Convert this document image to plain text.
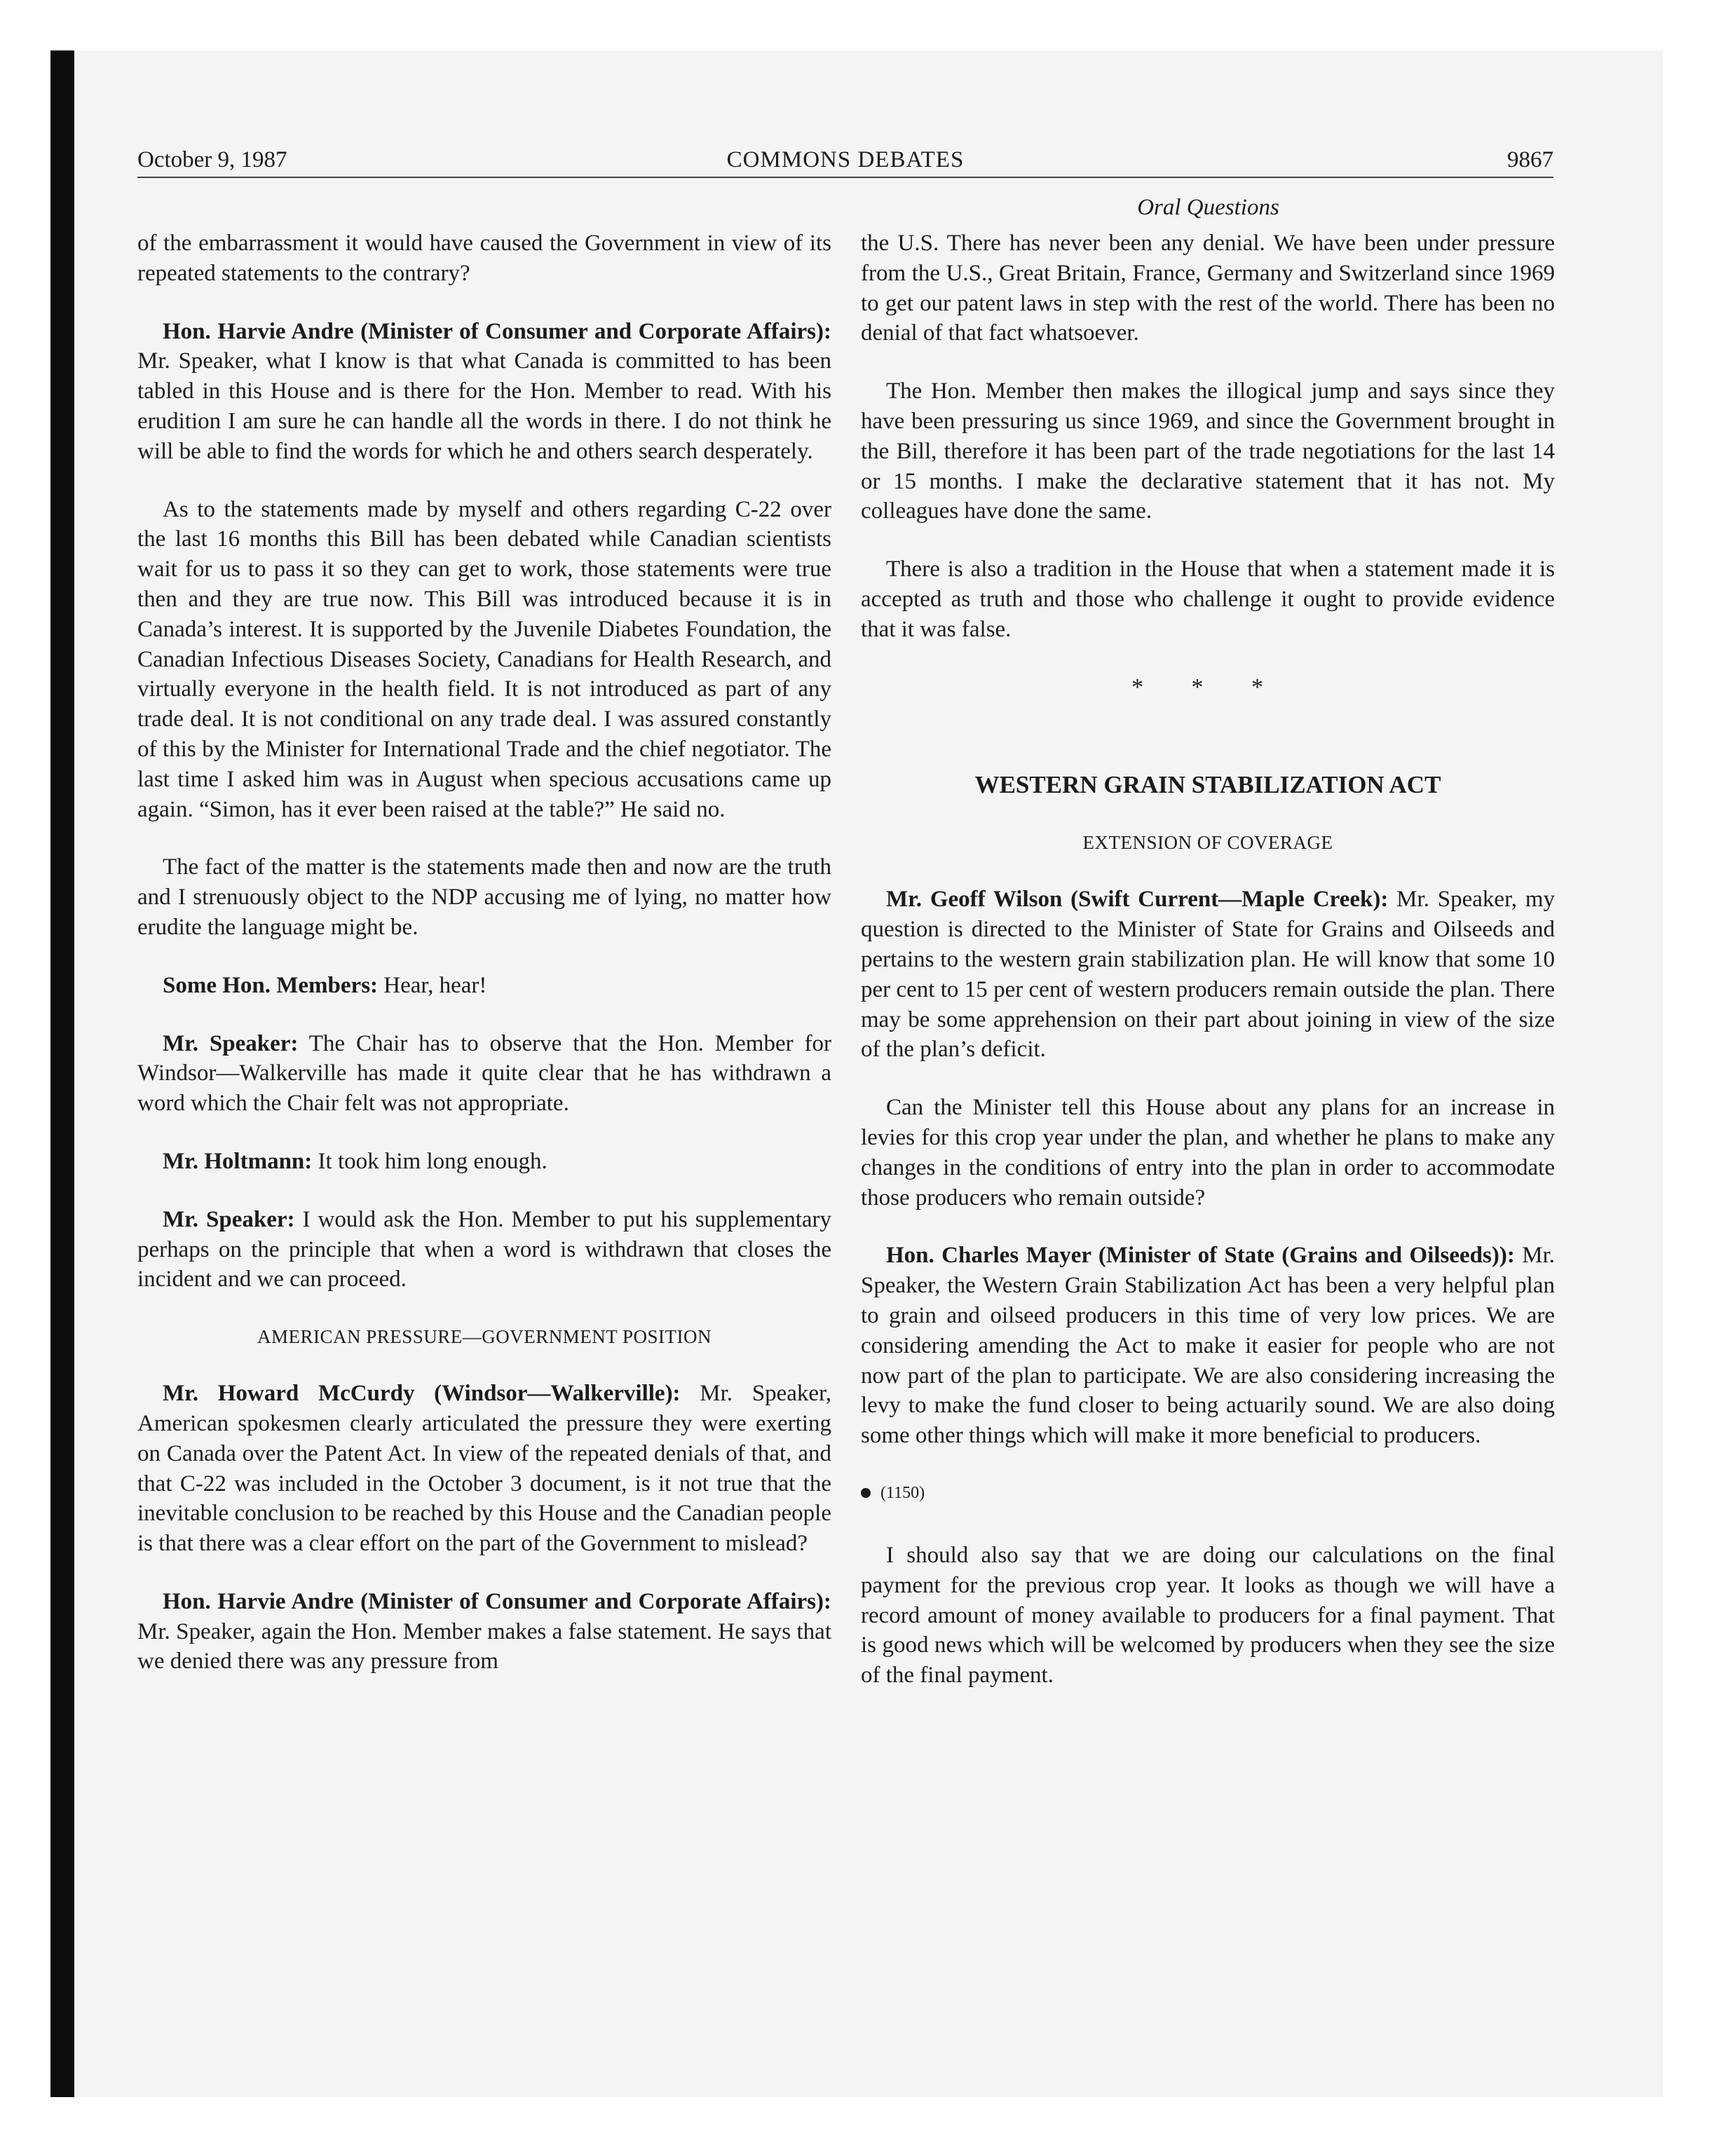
October 9, 1987	COMMONS DEBATES	9867
Oral Questions

of the embarrassment it would have caused the Government in view of its repeated statements to the contrary?

Hon. Harvie Andre (Minister of Consumer and Corporate Affairs): Mr. Speaker, what I know is that what Canada is committed to has been tabled in this House and is there for the Hon. Member to read. With his erudition I am sure he can handle all the words in there. I do not think he will be able to find the words for which he and others search desperately.

As to the statements made by myself and others regarding C-22 over the last 16 months this Bill has been debated while Canadian scientists wait for us to pass it so they can get to work, those statements were true then and they are true now. This Bill was introduced because it is in Canada’s interest. It is supported by the Juvenile Diabetes Foundation, the Canadian Infectious Diseases Society, Canadians for Health Research, and virtually everyone in the health field. It is not introduced as part of any trade deal. It is not conditional on any trade deal. I was assured constantly of this by the Minister for International Trade and the chief negotiator. The last time I asked him was in August when specious accusations came up again. “Simon, has it ever been raised at the table?” He said no.

The fact of the matter is the statements made then and now are the truth and I strenuously object to the NDP accusing me of lying, no matter how erudite the language might be.

Some Hon. Members: Hear, hear!

Mr. Speaker: The Chair has to observe that the Hon. Member for Windsor—Walkerville has made it quite clear that he has withdrawn a word which the Chair felt was not appropriate.

Mr. Holtmann: It took him long enough.

Mr. Speaker: I would ask the Hon. Member to put his supplementary perhaps on the principle that when a word is withdrawn that closes the incident and we can proceed.

AMERICAN PRESSURE—GOVERNMENT POSITION

Mr. Howard McCurdy (Windsor—Walkerville): Mr. Speaker, American spokesmen clearly articulated the pressure they were exerting on Canada over the Patent Act. In view of the repeated denials of that, and that C-22 was included in the October 3 document, is it not true that the inevitable conclusion to be reached by this House and the Canadian people is that there was a clear effort on the part of the Government to mislead?

Hon. Harvie Andre (Minister of Consumer and Corporate Affairs): Mr. Speaker, again the Hon. Member makes a false statement. He says that we denied there was any pressure from

the U.S. There has never been any denial. We have been under pressure from the U.S., Great Britain, France, Germany and Switzerland since 1969 to get our patent laws in step with the rest of the world. There has been no denial of that fact whatsoever.

The Hon. Member then makes the illogical jump and says since they have been pressuring us since 1969, and since the Government brought in the Bill, therefore it has been part of the trade negotiations for the last 14 or 15 months. I make the declarative statement that it has not. My colleagues have done the same.

There is also a tradition in the House that when a statement made it is accepted as truth and those who challenge it ought to provide evidence that it was false.

* * *
WESTERN GRAIN STABILIZATION ACT
EXTENSION OF COVERAGE

Mr. Geoff Wilson (Swift Current—Maple Creek): Mr. Speaker, my question is directed to the Minister of State for Grains and Oilseeds and pertains to the western grain stabilization plan. He will know that some 10 per cent to 15 per cent of western producers remain outside the plan. There may be some apprehension on their part about joining in view of the size of the plan’s deficit.

Can the Minister tell this House about any plans for an increase in levies for this crop year under the plan, and whether he plans to make any changes in the conditions of entry into the plan in order to accommodate those producers who remain outside?

Hon. Charles Mayer (Minister of State (Grains and Oilseeds)): Mr. Speaker, the Western Grain Stabilization Act has been a very helpful plan to grain and oilseed producers in this time of very low prices. We are considering amending the Act to make it easier for people who are not now part of the plan to participate. We are also considering increasing the levy to make the fund closer to being actuarily sound. We are also doing some other things which will make it more beneficial to producers.

(1150)

I should also say that we are doing our calculations on the final payment for the previous crop year. It looks as though we will have a record amount of money available to producers for a final payment. That is good news which will be welcomed by producers when they see the size of the final payment.
